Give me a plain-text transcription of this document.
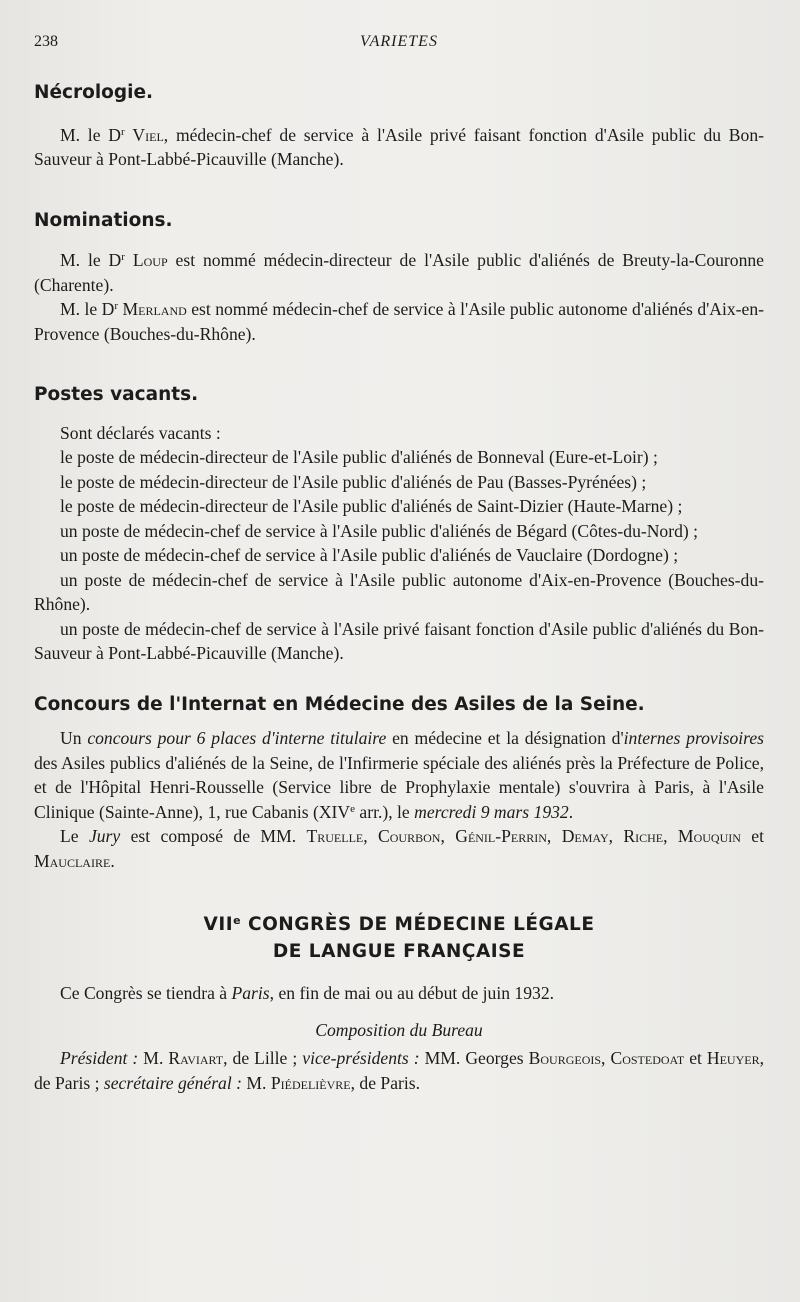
238	VARIETES
Nécrologie.

M. le $D^r$ Viel, médecin-chef de service à l'Asile privé faisant fonction d'Asile public du Bon-Sauveur à Pont-Labbé-Picauville (Manche).

Nominations.

M. le $D^r$ Loup est nommé médecin-directeur de l'Asile public d'aliénés de Breuty-la-Couronne (Charente).

M. le $D^r$ Merland est nommé médecin-chef de service à l'Asile public autonome d'aliénés d'Aix-en-Provence (Bouches-du-Rhône).

Postes vacants.

Sont déclarés vacants :

le poste de médecin-directeur de l'Asile public d'aliénés de Bonneval (Eure-et-Loir) ;

le poste de médecin-directeur de l'Asile public d'aliénés de Pau (Basses-Pyrénées) ;

le poste de médecin-directeur de l'Asile public d'aliénés de Saint-Dizier (Haute-Marne) ;

un poste de médecin-chef de service à l'Asile public d'aliénés de Bégard (Côtes-du-Nord) ;

un poste de médecin-chef de service à l'Asile public d'aliénés de Vauclaire (Dordogne) ;

un poste de médecin-chef de service à l'Asile public autonome d'Aix-en-Provence (Bouches-du-Rhône).

un poste de médecin-chef de service à l'Asile privé faisant fonction d'Asile public d'aliénés du Bon-Sauveur à Pont-Labbé-Picauville (Manche).

Concours de l'Internat en Médecine des Asiles de la Seine.

Un concours pour 6 places d'interne titulaire en médecine et la désignation d'internes provisoires des Asiles publics d'aliénés de la Seine, de l'Infirmerie spéciale des aliénés près la Préfecture de Police, et de l'Hôpital Henri-Rousselle (Service libre de Prophylaxie mentale) s'ouvrira à Paris, à l'Asile Clinique (Sainte-Anne), 1, rue Cabanis (XIVe arr.), le mercredi 9 mars 1932.

Le Jury est composé de MM. Truelle, Courbon, Génil-Perrin, Demay, Riche, Mouquin et Mauclaire.

VIIe CONGRÈS DE MÉDECINE LÉGALE
DE LANGUE FRANÇAISE

Ce Congrès se tiendra à Paris, en fin de mai ou au début de juin 1932.

Composition du Bureau

Président : M. Raviart, de Lille ; vice-présidents : MM. Georges Bourgeois, Costedoat et Heuyer, de Paris ; secrétaire général : M. Piédelièvre, de Paris.
